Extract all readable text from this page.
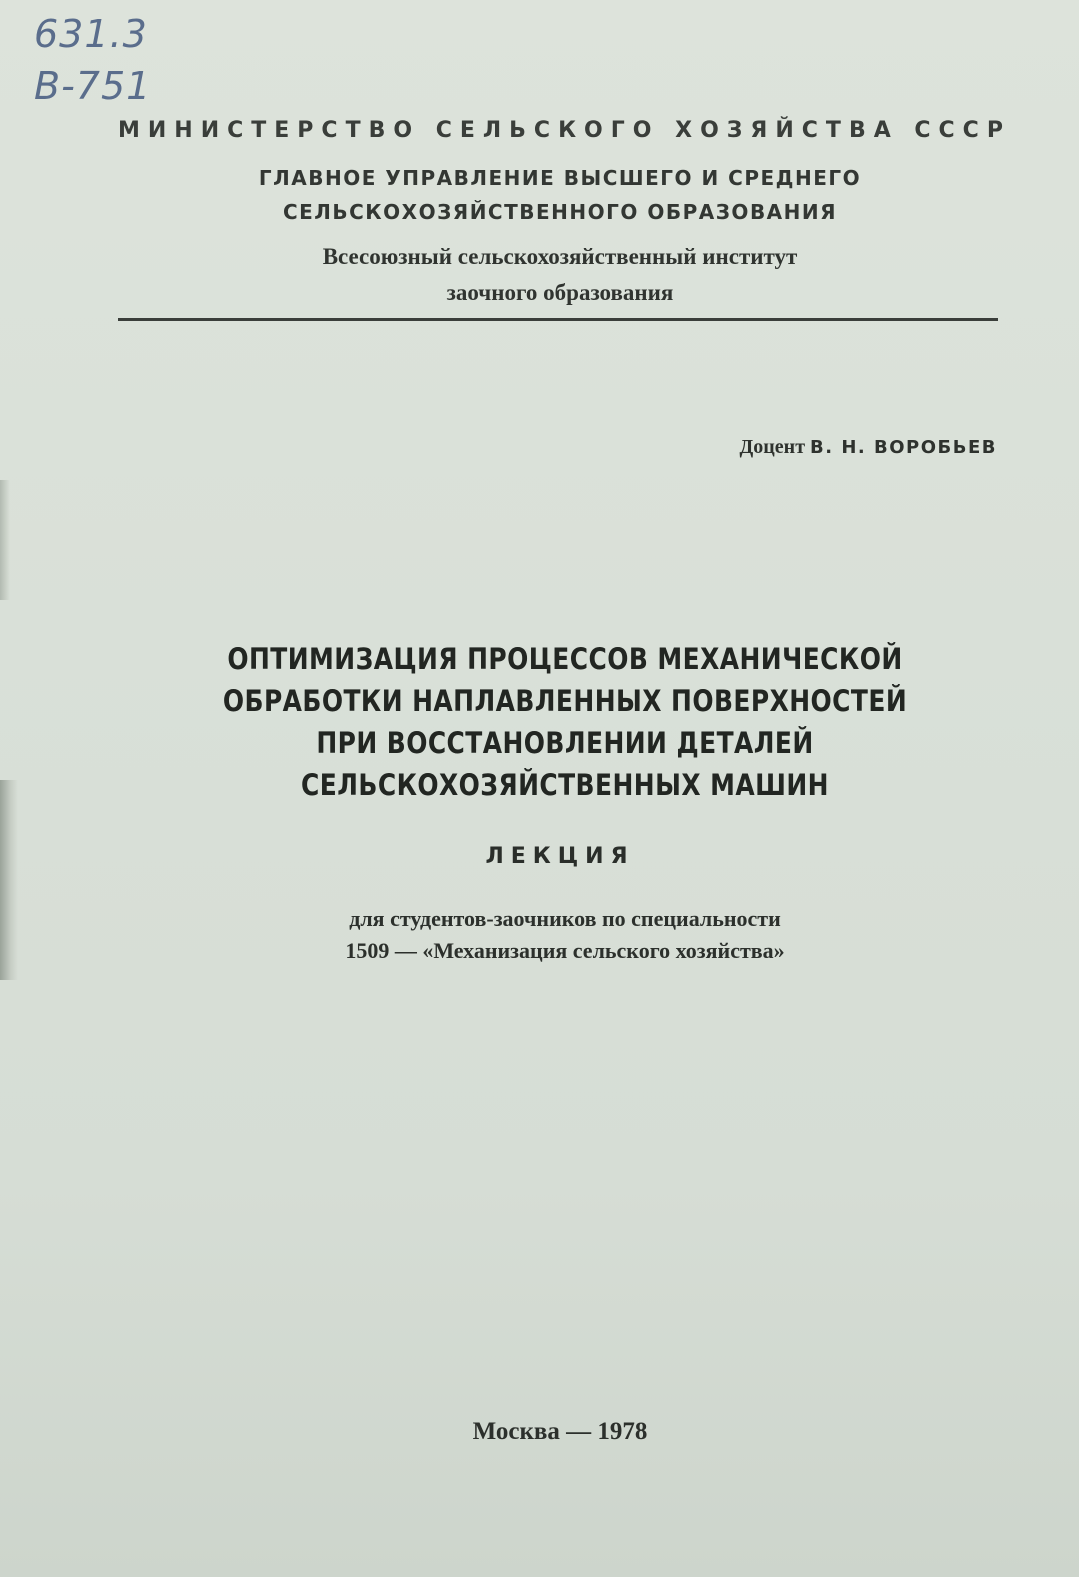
631.3
В-751
МИНИСТЕРСТВО СЕЛЬСКОГО ХОЗЯЙСТВА СССР
ГЛАВНОЕ УПРАВЛЕНИЕ ВЫСШЕГО И СРЕДНЕГО
СЕЛЬСКОХОЗЯЙСТВЕННОГО ОБРАЗОВАНИЯ
Всесоюзный сельскохозяйственный институт
заочного образования
Доцент В. Н. ВОРОБЬЕВ
ОПТИМИЗАЦИЯ ПРОЦЕССОВ МЕХАНИЧЕСКОЙ
ОБРАБОТКИ НАПЛАВЛЕННЫХ ПОВЕРХНОСТЕЙ
ПРИ ВОССТАНОВЛЕНИИ ДЕТАЛЕЙ
СЕЛЬСКОХОЗЯЙСТВЕННЫХ МАШИН
ЛЕКЦИЯ
для студентов-заочников по специальности
1509 — «Механизация сельского хозяйства»
Москва — 1978
